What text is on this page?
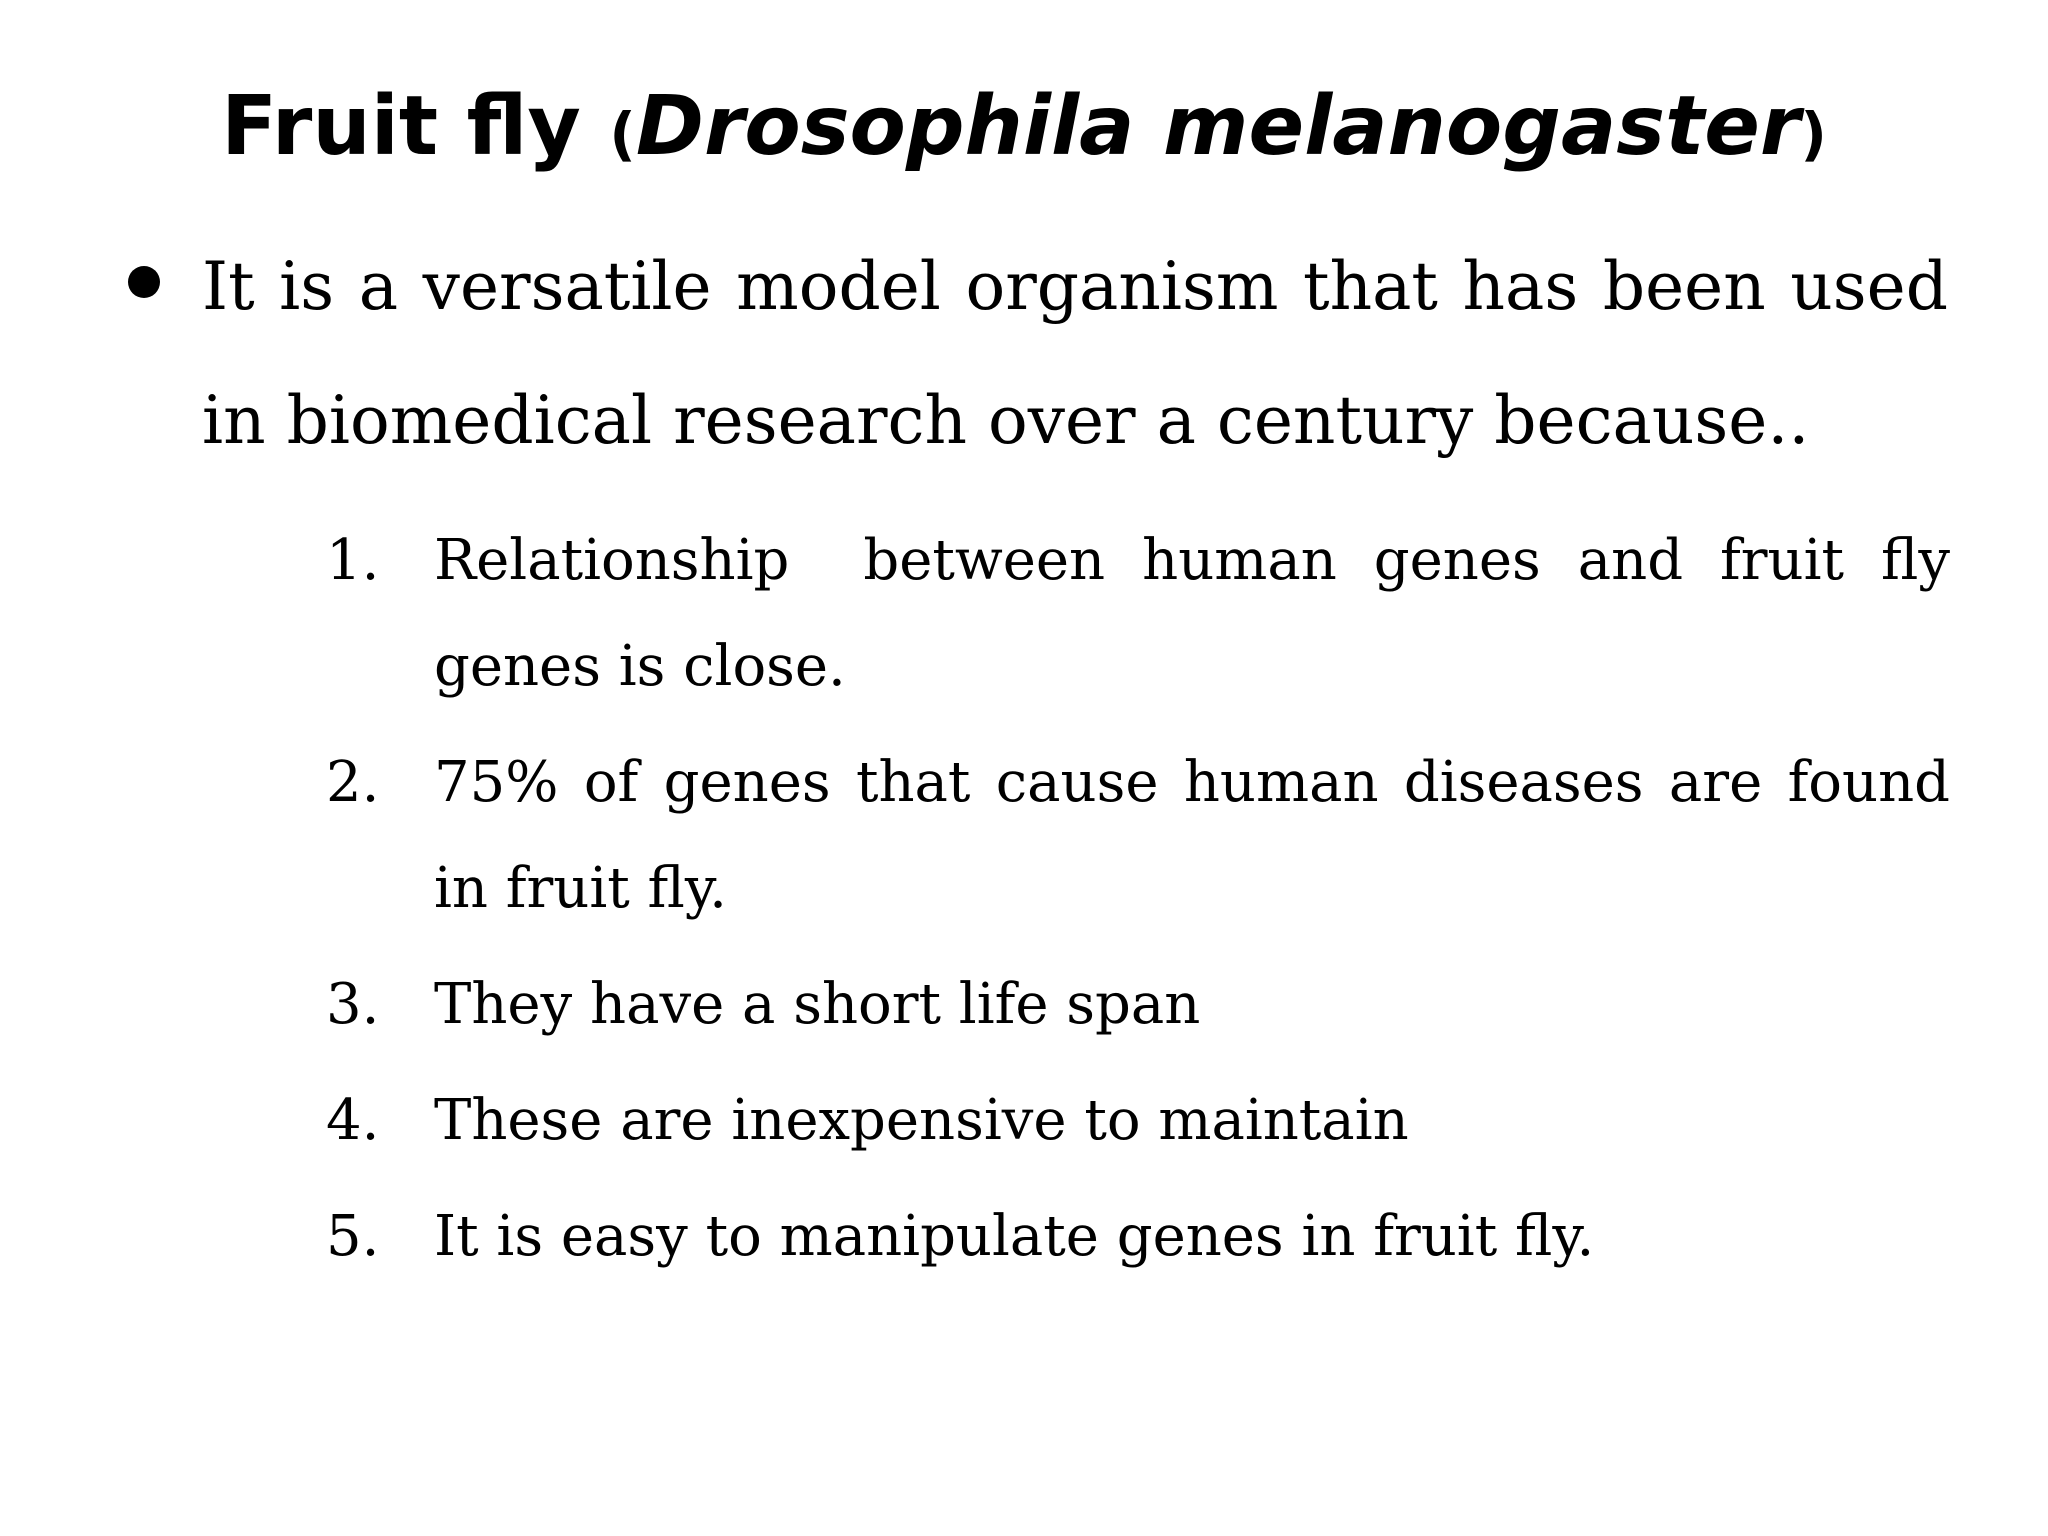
Fruit fly (Drosophila melanogaster)
It is a versatile model organism that has been used in biomedical research over a century because..
1. Relationship  between human genes and fruit fly genes is close.
2. 75% of genes that cause human diseases are found in fruit fly.
3. They have a short life span
4. These are inexpensive to maintain
5. It is easy to manipulate genes in fruit fly.
